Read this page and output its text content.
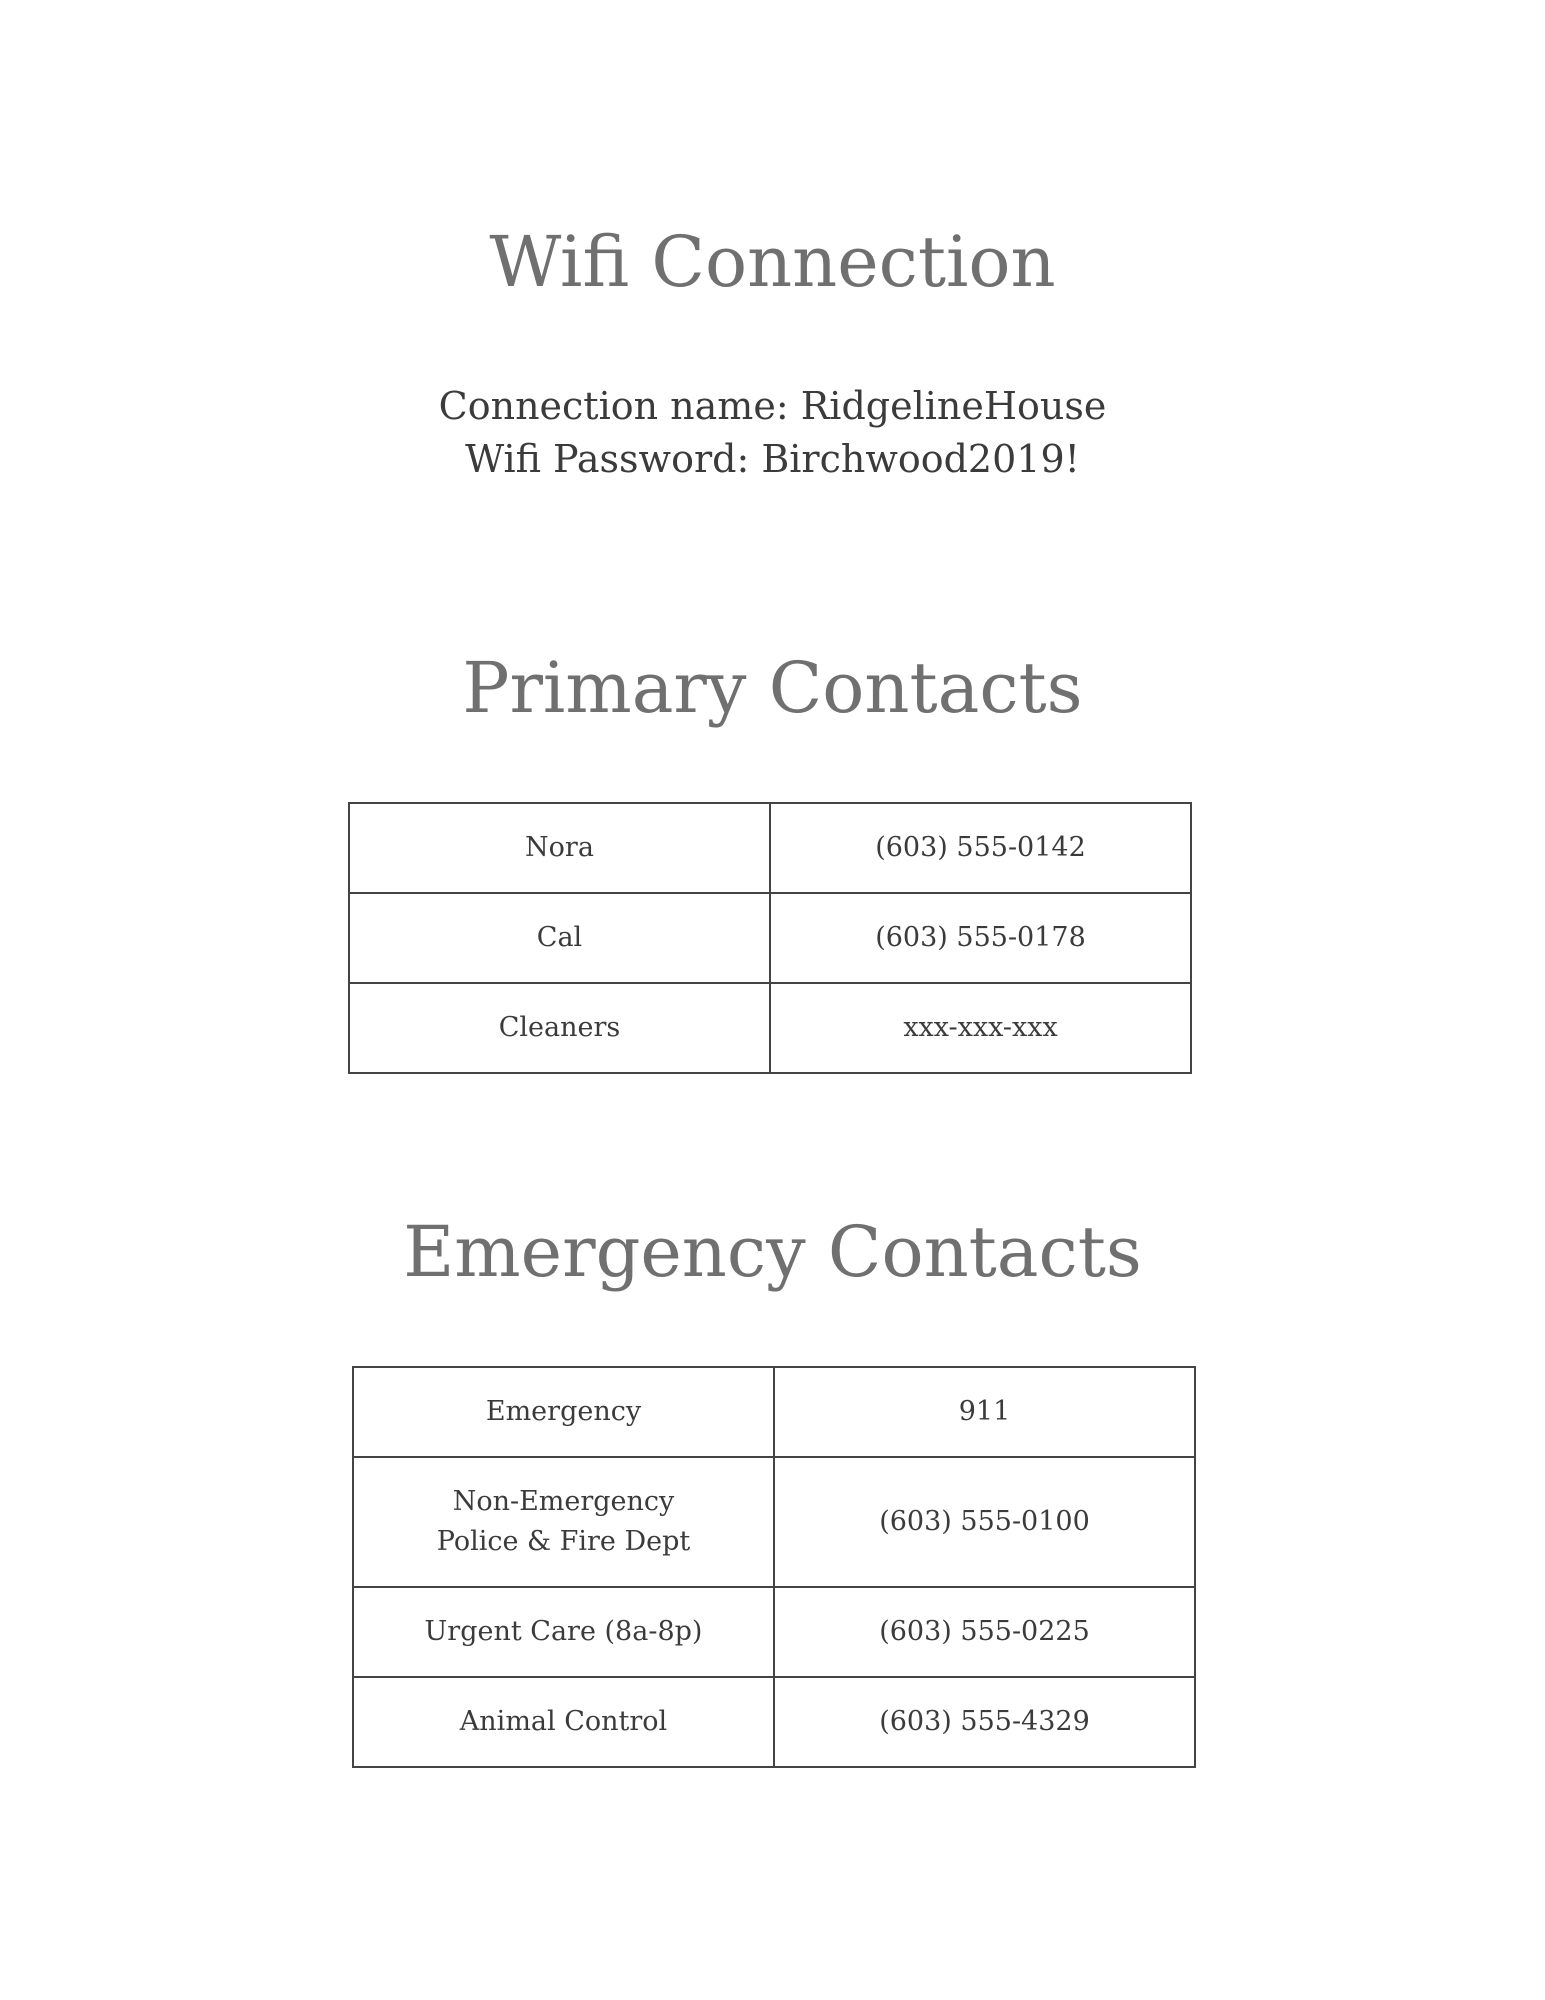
Wifi Connection
Connection name: RidgelineHouse
Wifi Password: Birchwood2019!
Primary Contacts
Nora	(603) 555-0142
Cal	(603) 555-0178
Cleaners	xxx-xxx-xxx
Emergency Contacts
Emergency	911

Non-Emergency
Police & Fire Dept	(603) 555-0100
Urgent Care (8a-8p)	(603) 555-0225
Animal Control	(603) 555-4329
